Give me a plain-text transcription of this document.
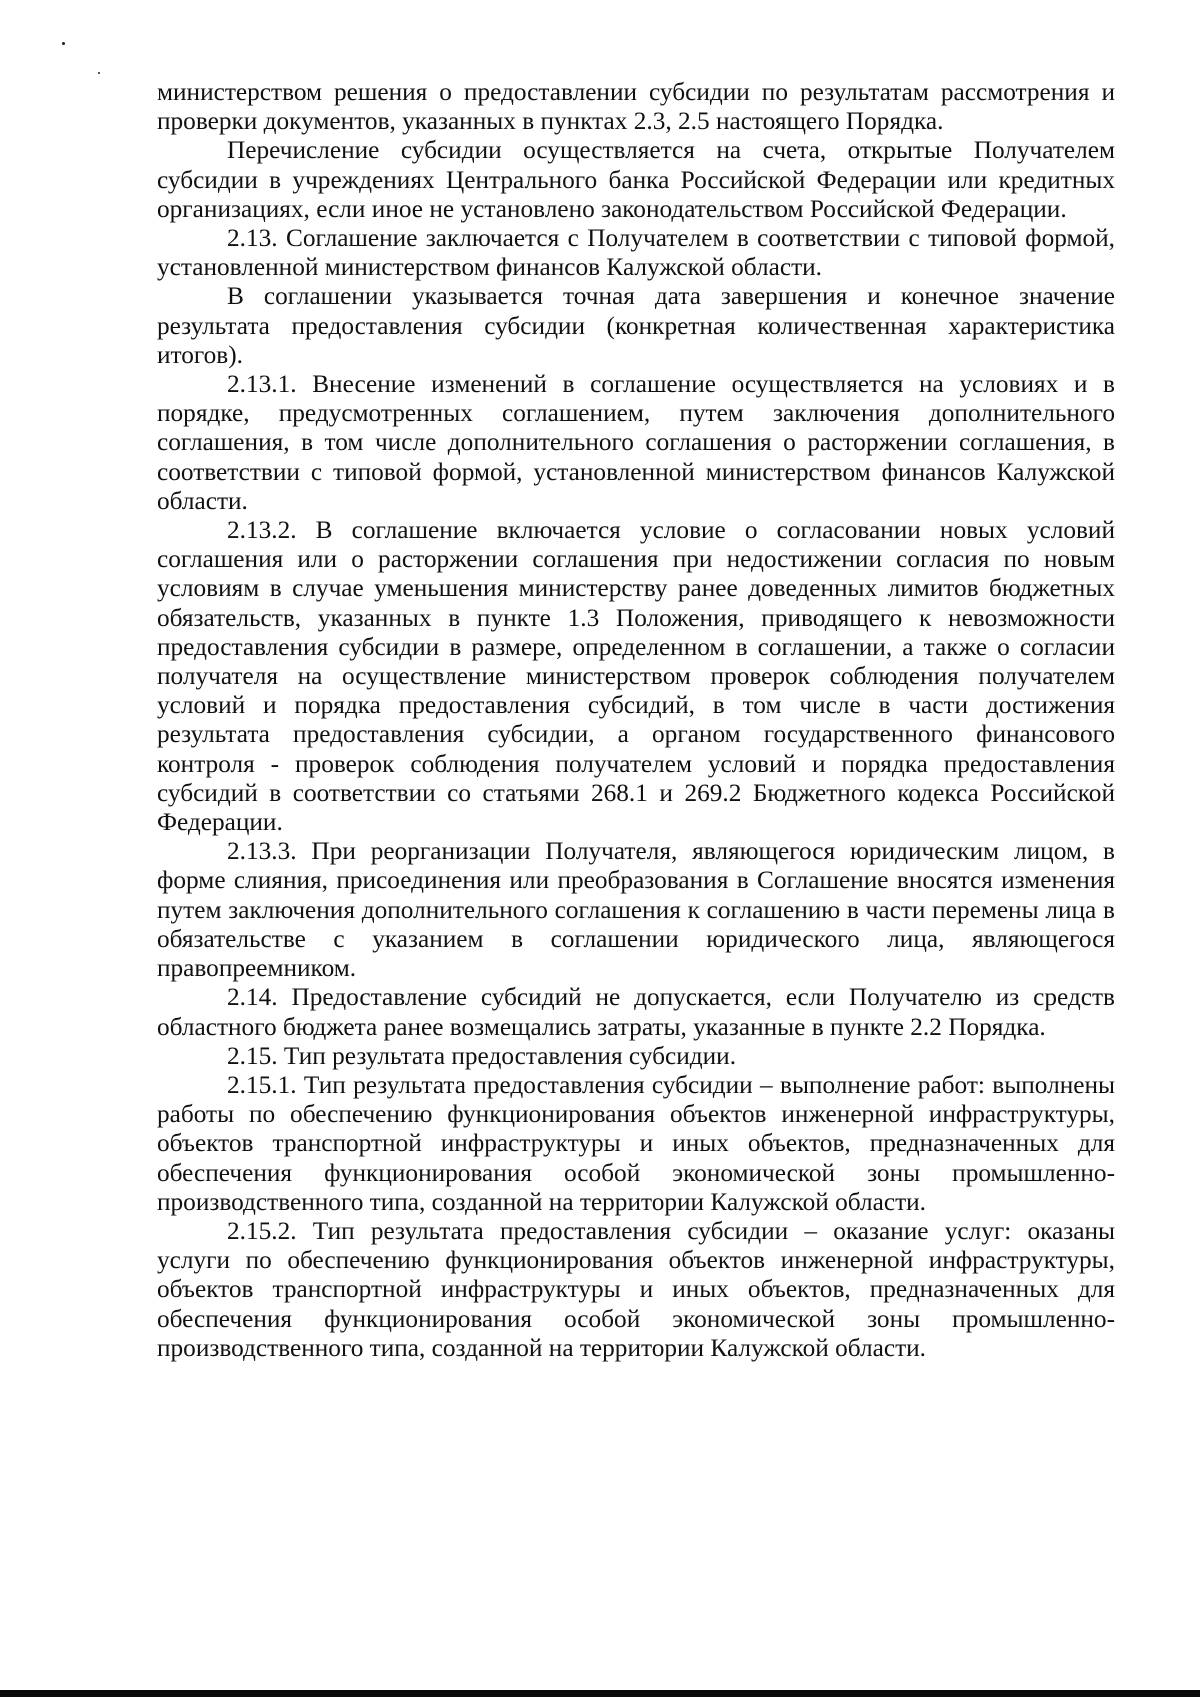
министерством решения о предоставлении субсидии по результатам рассмотрения и проверки документов, указанных в пунктах 2.3, 2.5 настоящего Порядка.

Перечисление субсидии осуществляется на счета, открытые Получателем субсидии в учреждениях Центрального банка Российской Федерации или кредитных организациях, если иное не установлено законодательством Российской Федерации.

2.13. Соглашение заключается с Получателем в соответствии с типовой формой, установленной министерством финансов Калужской области.

В соглашении указывается точная дата завершения и конечное значение результата предоставления субсидии (конкретная количественная характеристика итогов).

2.13.1. Внесение изменений в соглашение осуществляется на условиях и в порядке, предусмотренных соглашением, путем заключения дополнительного соглашения, в том числе дополнительного соглашения о расторжении соглашения, в соответствии с типовой формой, установленной министерством финансов Калужской области.

2.13.2. В соглашение включается условие о согласовании новых условий соглашения или о расторжении соглашения при недостижении согласия по новым условиям в случае уменьшения министерству ранее доведенных лимитов бюджетных обязательств, указанных в пункте 1.3 Положения, приводящего к невозможности предоставления субсидии в размере, определенном в соглашении, а также о согласии получателя на осуществление министерством проверок соблюдения получателем условий и порядка предоставления субсидий, в том числе в части достижения результата предоставления субсидии, а органом государственного финансового контроля - проверок соблюдения получателем условий и порядка предоставления субсидий в соответствии со статьями 268.1 и 269.2 Бюджетного кодекса Российской Федерации.

2.13.3. При реорганизации Получателя, являющегося юридическим лицом, в форме слияния, присоединения или преобразования в Соглашение вносятся изменения путем заключения дополнительного соглашения к соглашению в части перемены лица в обязательстве с указанием в соглашении юридического лица, являющегося правопреемником.

2.14. Предоставление субсидий не допускается, если Получателю из средств областного бюджета ранее возмещались затраты, указанные в пункте 2.2 Порядка.

2.15. Тип результата предоставления субсидии.

2.15.1. Тип результата предоставления субсидии – выполнение работ: выполнены работы по обеспечению функционирования объектов инженерной инфраструктуры, объектов транспортной инфраструктуры и иных объектов, предназначенных для обеспечения функционирования особой экономической зоны промышленно-производственного типа, созданной на территории Калужской области.

2.15.2. Тип результата предоставления субсидии – оказание услуг: оказаны услуги по обеспечению функционирования объектов инженерной инфраструктуры, объектов транспортной инфраструктуры и иных объектов, предназначенных для обеспечения функционирования особой экономической зоны промышленно-производственного типа, созданной на территории Калужской области.
